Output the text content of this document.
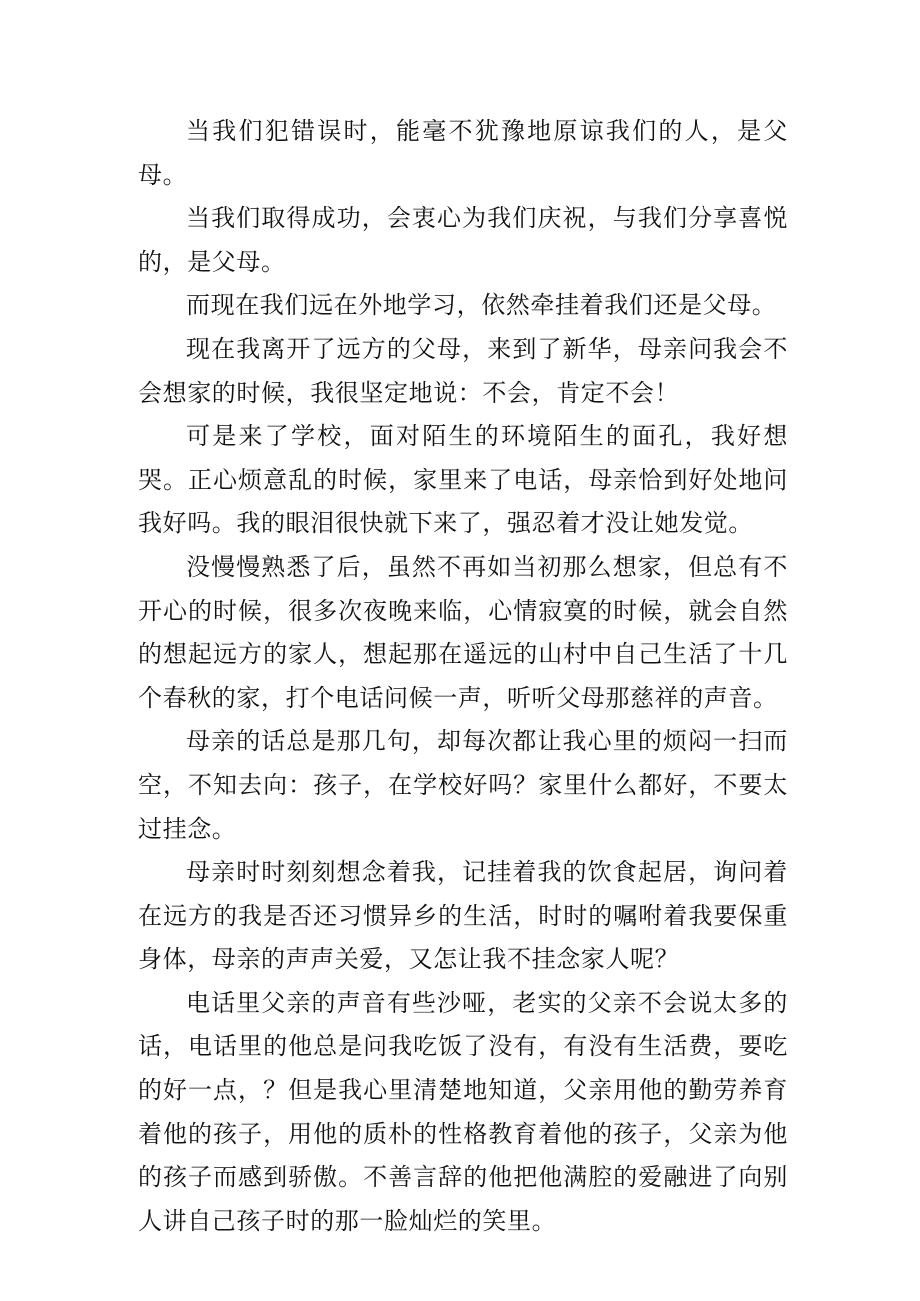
当我们犯错误时，能毫不犹豫地原谅我们的人，是父母。

当我们取得成功，会衷心为我们庆祝，与我们分享喜悦的，是父母。

而现在我们远在外地学习，依然牵挂着我们还是父母。

现在我离开了远方的父母，来到了新华，母亲问我会不会想家的时候，我很坚定地说：不会，肯定不会！

可是来了学校，面对陌生的环境陌生的面孔，我好想哭。正心烦意乱的时候，家里来了电话，母亲恰到好处地问我好吗。我的眼泪很快就下来了，强忍着才没让她发觉。

没慢慢熟悉了后，虽然不再如当初那么想家，但总有不开心的时候，很多次夜晚来临，心情寂寞的时候，就会自然的想起远方的家人，想起那在遥远的山村中自己生活了十几个春秋的家，打个电话问候一声，听听父母那慈祥的声音。

母亲的话总是那几句，却每次都让我心里的烦闷一扫而空，不知去向：孩子，在学校好吗？家里什么都好，不要太过挂念。

母亲时时刻刻想念着我，记挂着我的饮食起居，询问着在远方的我是否还习惯异乡的生活，时时的嘱咐着我要保重身体，母亲的声声关爱，又怎让我不挂念家人呢？

电话里父亲的声音有些沙哑，老实的父亲不会说太多的话，电话里的他总是问我吃饭了没有，有没有生活费，要吃的好一点，？但是我心里清楚地知道，父亲用他的勤劳养育着他的孩子，用他的质朴的性格教育着他的孩子，父亲为他的孩子而感到骄傲。不善言辞的他把他满腔的爱融进了向别人讲自己孩子时的那一脸灿烂的笑里。
